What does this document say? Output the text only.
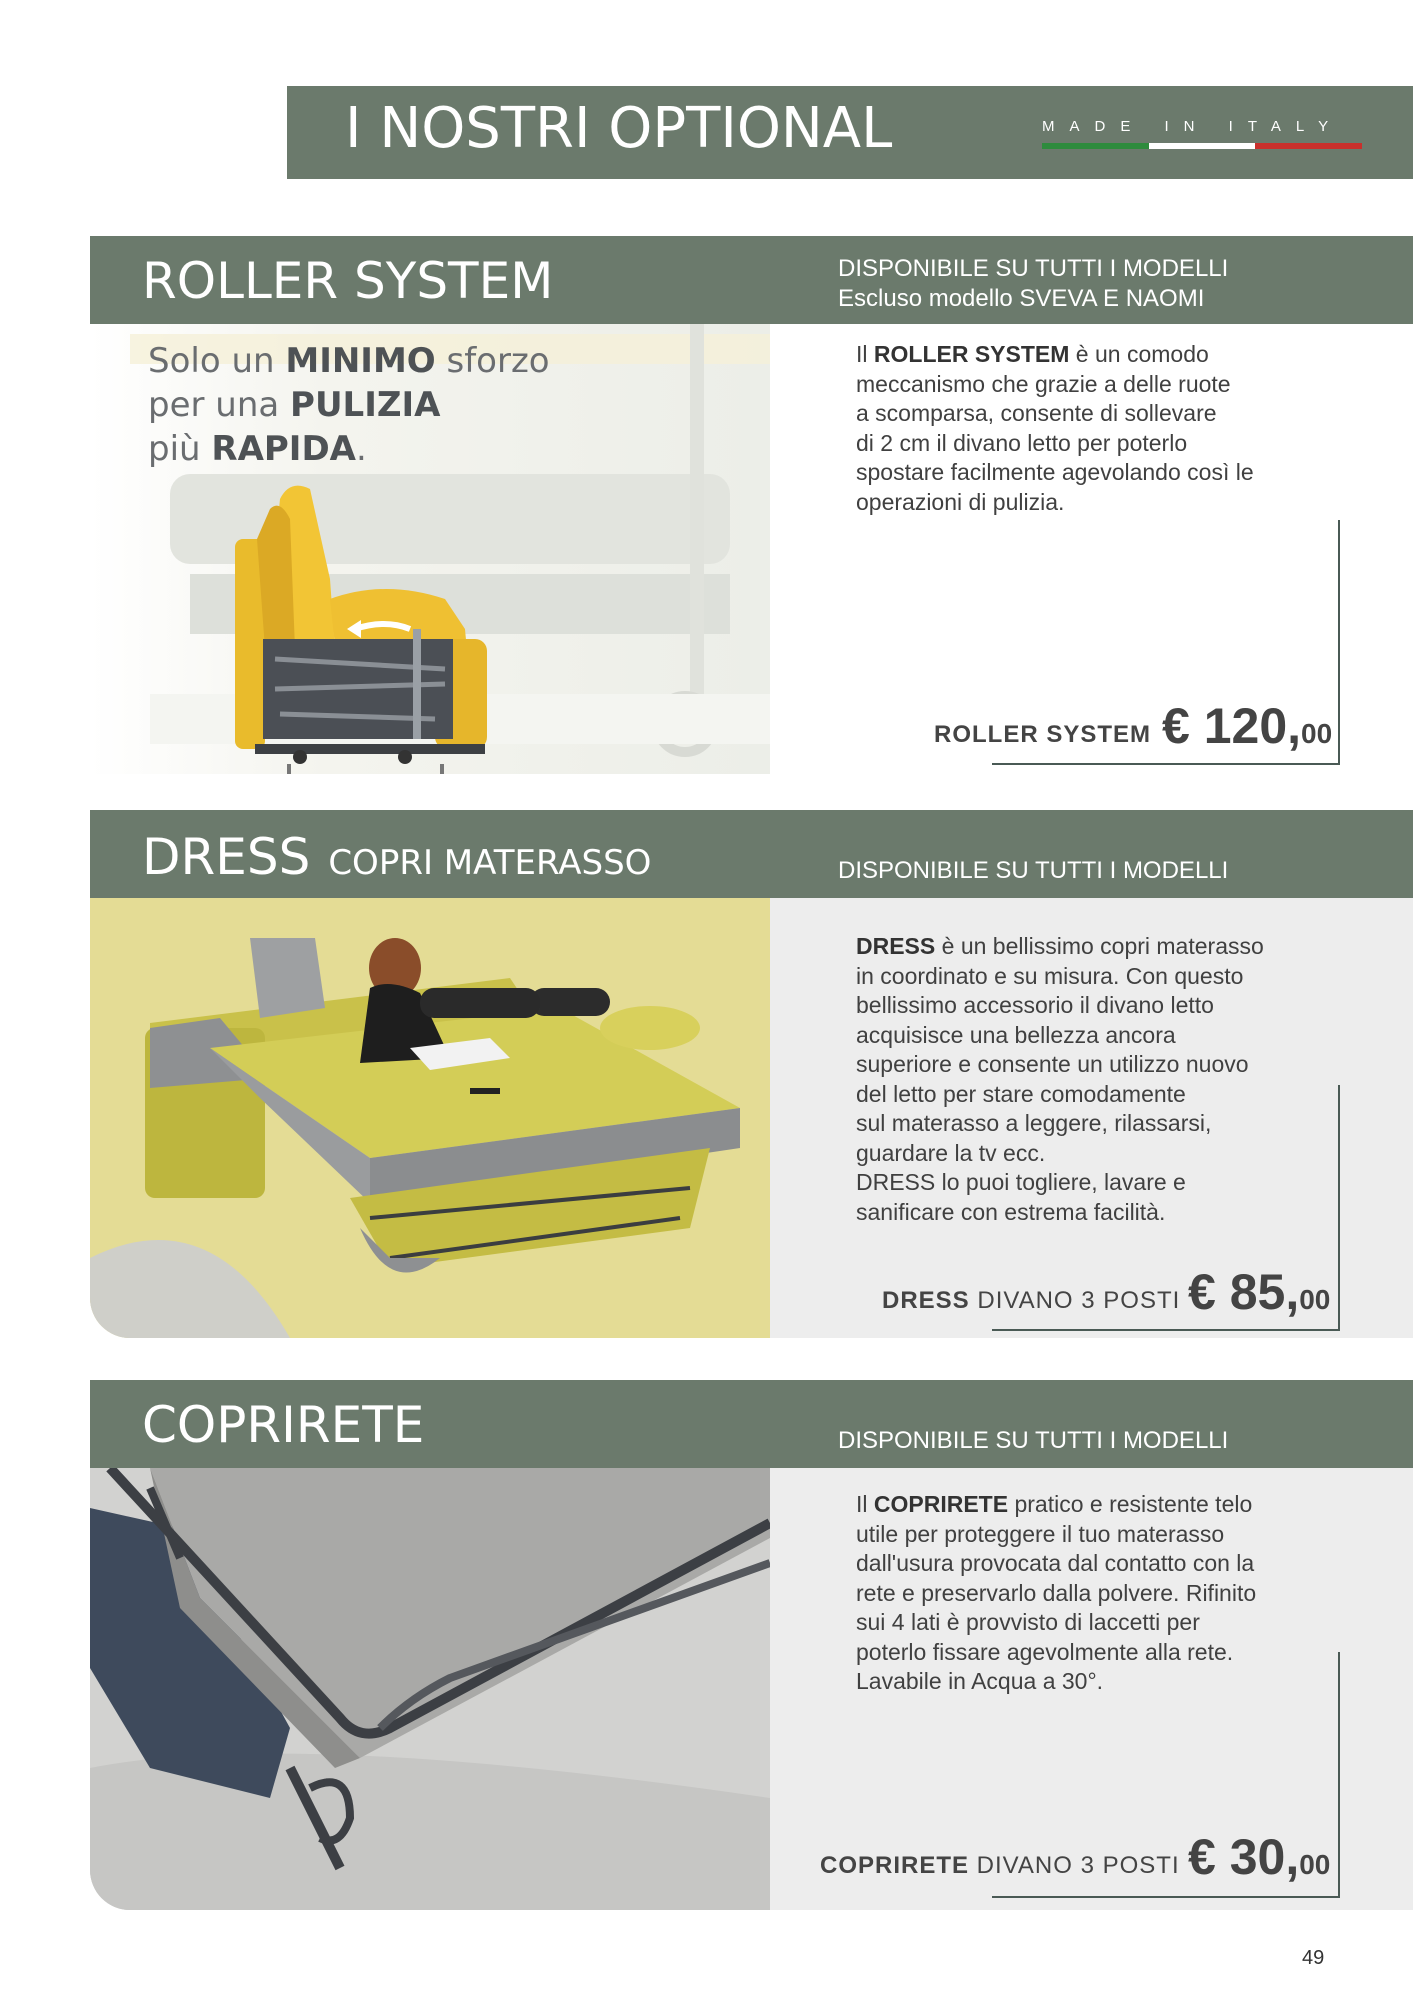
I NOSTRI OPTIONAL	MADE IN ITALY
ROLLER SYSTEM	DISPONIBILE SU TUTTI I MODELLI
Escluso modello SVEVA E NAOMI
Solo un MINIMO sforzo
per una PULIZIA
più RAPIDA.
Il ROLLER SYSTEM è un comodo
meccanismo che grazie a delle ruote
a scomparsa, consente di sollevare
di 2 cm il divano letto per poterlo
spostare facilmente agevolando così le
operazioni di pulizia.
ROLLER SYSTEM € 120,00
DRESS COPRI MATERASSO	DISPONIBILE SU TUTTI I MODELLI
DRESS è un bellissimo copri materasso
in coordinato e su misura. Con questo
bellissimo accessorio il divano letto
acquisisce una bellezza ancora
superiore e consente un utilizzo nuovo
del letto per stare comodamente
sul materasso a leggere, rilassarsi,
guardare la tv ecc.
DRESS lo puoi togliere, lavare e
sanificare con estrema facilità.
DRESS DIVANO 3 POSTI € 85,00
COPRIRETE	DISPONIBILE SU TUTTI I MODELLI
Il COPRIRETE pratico e resistente telo
utile per proteggere il tuo materasso
dall'usura provocata dal contatto con la
rete e preservarlo dalla polvere. Rifinito
sui 4 lati è provvisto di laccetti per
poterlo fissare agevolmente alla rete.
Lavabile in Acqua a 30°.
COPRIRETE DIVANO 3 POSTI € 30,00
49
